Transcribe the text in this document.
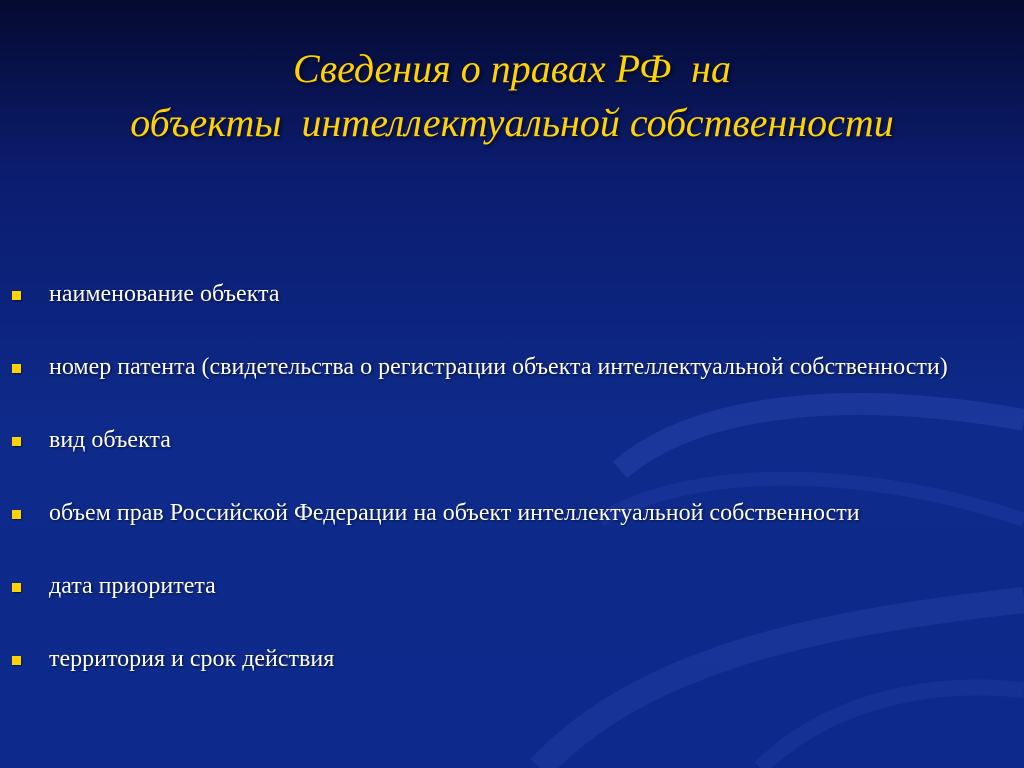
Сведения о правах РФ  на
объекты  интеллектуальной собственности
наименование объекта
номер патента (свидетельства о регистрации объекта интеллектуальной собственности)
вид объекта
объем прав Российской Федерации на объект интеллектуальной собственности
дата приоритета
территория и срок действия
